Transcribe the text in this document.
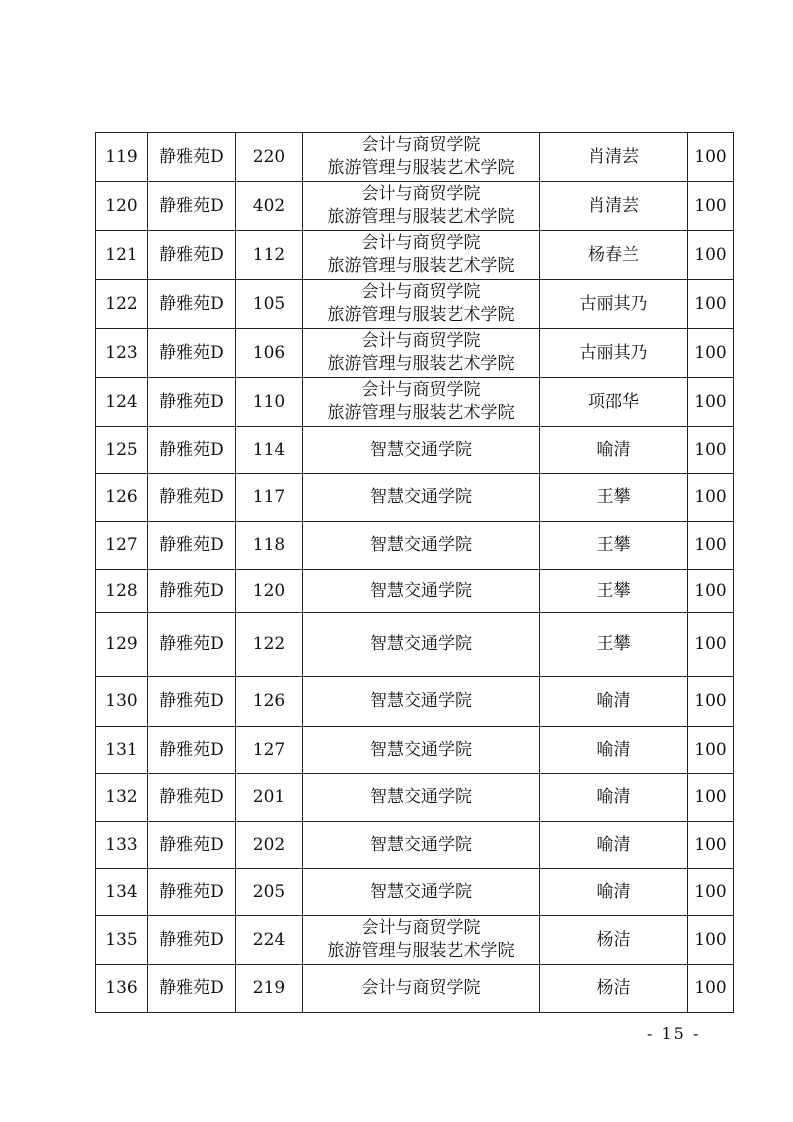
119	静雅苑D	220	会计与商贸学院
旅游管理与服装艺术学院	肖清芸	100
120	静雅苑D	402	会计与商贸学院
旅游管理与服装艺术学院	肖清芸	100
121	静雅苑D	112	会计与商贸学院
旅游管理与服装艺术学院	杨春兰	100
122	静雅苑D	105	会计与商贸学院
旅游管理与服装艺术学院	古丽其乃	100
123	静雅苑D	106	会计与商贸学院
旅游管理与服装艺术学院	古丽其乃	100
124	静雅苑D	110	会计与商贸学院
旅游管理与服装艺术学院	项邵华	100
125	静雅苑D	114	智慧交通学院	喻清	100
126	静雅苑D	117	智慧交通学院	王攀	100
127	静雅苑D	118	智慧交通学院	王攀	100
128	静雅苑D	120	智慧交通学院	王攀	100
129	静雅苑D	122	智慧交通学院	王攀	100
130	静雅苑D	126	智慧交通学院	喻清	100
131	静雅苑D	127	智慧交通学院	喻清	100
132	静雅苑D	201	智慧交通学院	喻清	100
133	静雅苑D	202	智慧交通学院	喻清	100
134	静雅苑D	205	智慧交通学院	喻清	100
135	静雅苑D	224	会计与商贸学院
旅游管理与服装艺术学院	杨洁	100
136	静雅苑D	219	会计与商贸学院	杨洁	100
- 15 -
